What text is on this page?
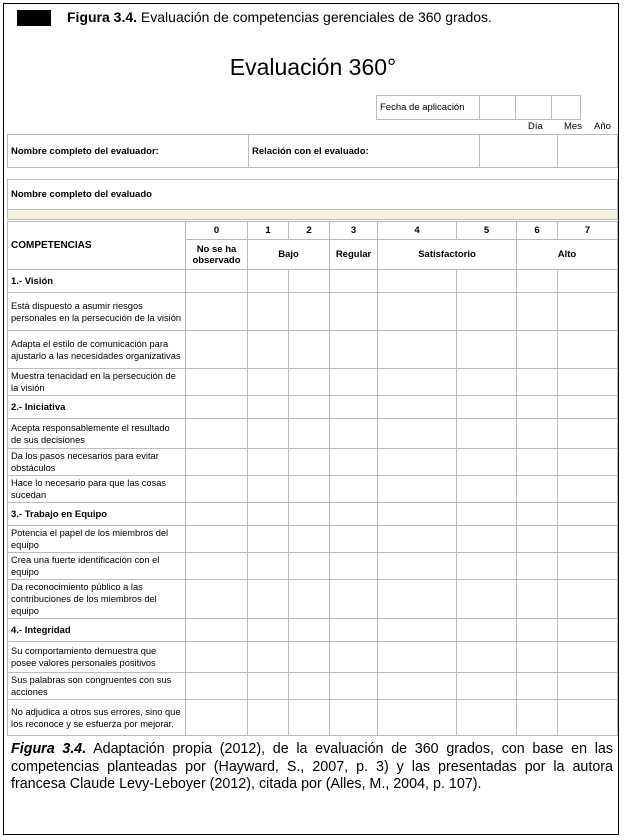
Figura 3.4. Evaluación de competencias gerenciales de 360 grados.
Evaluación 360°
Fecha de aplicación			
Día Mes Año
Nombre completo del evaluador:	Relación con el evaluado:		
Nombre completo del evaluado

COMPETENCIAS	0	1	2	3	4	5	6	7
	No se ha observado	Bajo		Regular	Satisfactorio		Alto	
1.- Visión								
Está dispuesto a asumir riesgos personales en la persecución de la visión								
Adapta el estilo de comunicación para ajustarlo a las necesidades organizativas								
Muestra tenacidad en la persecución de la visión								
2.- Iniciativa								
Acepta responsablemente el resultado de sus decisiones								
Da los pasos necesarios para evitar obstáculos								
Hace lo necesario para que las cosas sucedan								
3.- Trabajo en Equipo								
Potencia el papel de los miembros del equipo								
Crea una fuerte identificación con el equipo								
Da reconocimiento público a las contribuciones de los miembros del equipo								
4.- Integridad								
Su comportamiento demuestra que posee valores personales positivos								
Sus palabras son congruentes con sus acciones								
No adjudica a otros sus errores, sino que los reconoce y se esfuerza por mejorar.								
Figura 3.4. Adaptación propia (2012), de la evaluación de 360 grados, con base en las competencias planteadas por (Hayward, S., 2007, p. 3) y las presentadas por la autora francesa Claude Levy-Leboyer (2012), citada por (Alles, M., 2004, p. 107).
